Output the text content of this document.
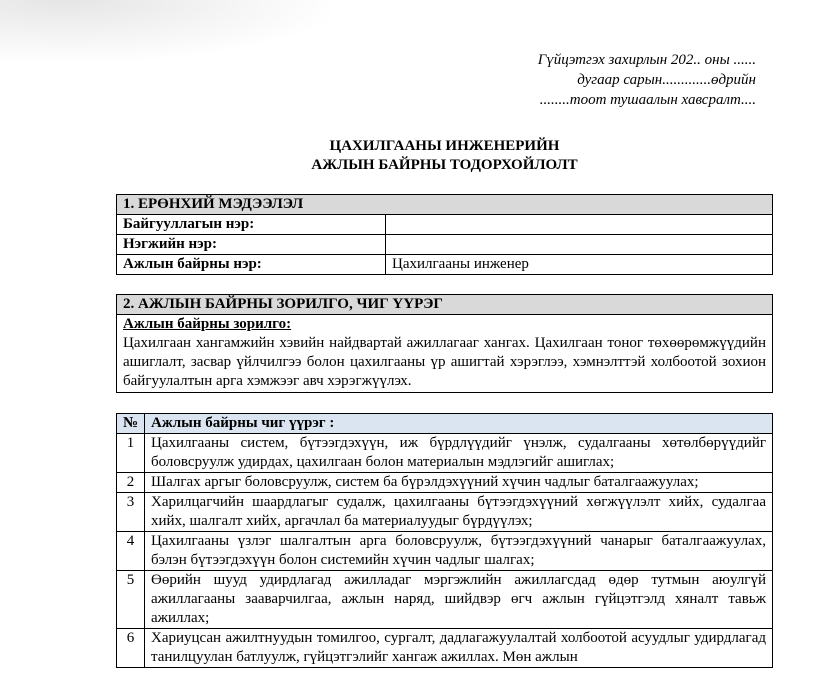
Гүйцэтгэх захирлын 202.. оны ......
дугаар сарын.............өдрийн
........тоот тушаалын хавсралт....
ЦАХИЛГААНЫ ИНЖЕНЕРИЙН
АЖЛЫН БАЙРНЫ ТОДОРХОЙЛОЛТ
1. ЕРӨНХИЙ МЭДЭЭЛЭЛ	
Байгууллагын нэр:	
Нэгжийн нэр:	
Ажлын байрны нэр:	Цахилгааны инженер
2. АЖЛЫН БАЙРНЫ ЗОРИЛГО, ЧИГ ҮҮРЭГ

Ажлын байрны зорилго:
Цахилгаан хангамжийн хэвийн найдвартай ажиллагааг хангах. Цахилгаан тоног төхөөрөмжүүдийн ашиглалт, засвар үйлчилгээ болон цахилгааны үр ашигтай хэрэглээ, хэмнэлттэй холбоотой зохион байгуулалтын арга хэмжээг авч хэрэгжүүлэх.
№	Ажлын байрны чиг үүрэг :
1	Цахилгааны систем, бүтээгдэхүүн, иж бүрдлүүдийг үнэлж, судалгааны хөтөлбөрүүдийг боловсруулж удирдах, цахилгаан болон материалын мэдлэгийг ашиглах;
2	Шалгах аргыг боловсруулж, систем ба бүрэлдэхүүний хүчин чадлыг баталгаажуулах;
3	Харилцагчийн шаардлагыг судалж, цахилгааны бүтээгдэхүүний хөгжүүлэлт хийх, судалгаа хийх, шалгалт хийх, аргачлал ба материалуудыг бүрдүүлэх;
4	Цахилгааны үзлэг шалгалтын арга боловсруулж, бүтээгдэхүүний чанарыг баталгаажуулах, бэлэн бүтээгдэхүүн болон системийн хүчин чадлыг шалгах;
5	Өөрийн шууд удирдлагад ажилладаг мэргэжлийн ажиллагсдад өдөр тутмын аюулгүй ажиллагааны зааварчилгаа, ажлын наряд, шийдвэр өгч ажлын гүйцэтгэлд хяналт тавьж ажиллах;
6	Хариуцсан ажилтнуудын томилгоо, сургалт, дадлагажуулалтай холбоотой асуудлыг удирдлагад танилцуулан батлуулж, гүйцэтгэлийг хангаж ажиллах. Мөн ажлын
